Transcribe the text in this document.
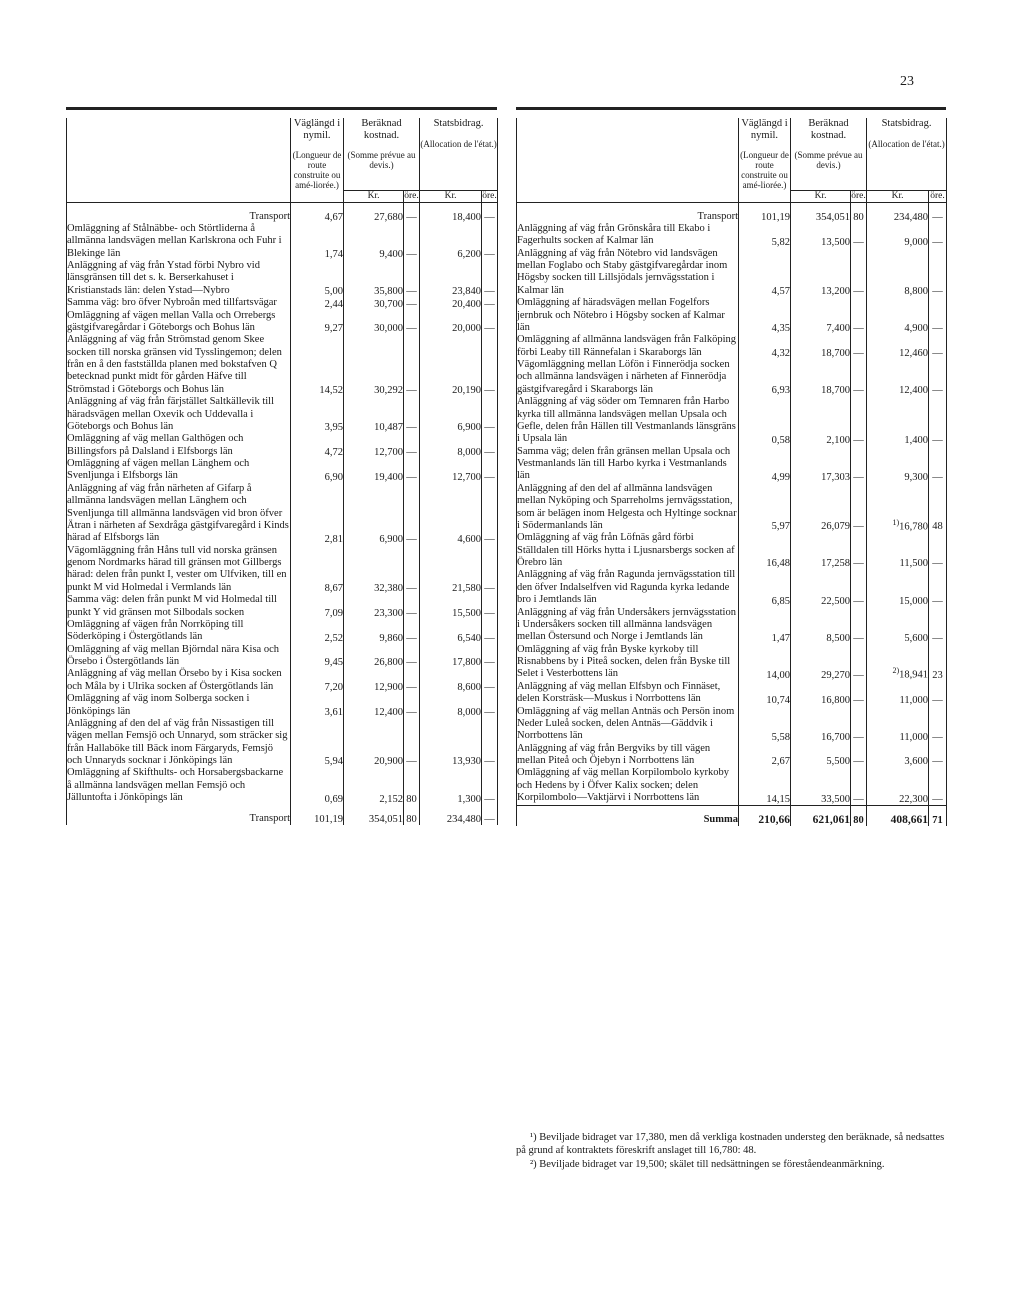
23
	Väglängd i nymil.
(Longueur de route construite ou amé-liorée.)	Beräknad kostnad.
(Somme prévue au devis.)		Statsbidrag.
(Allocation de l'état.)	

		Kr.	öre.	Kr.	öre.
Transport	4,67	27,680	—	18,400	—
Omläggning af Stålnäbbe- och Störtliderna å allmänna landsvägen mellan Karlskrona och Fuhr i Blekinge län	1,74	9,400	—	6,200	—
Anläggning af väg från Ystad förbi Nybro vid länsgränsen till det s. k. Berserkahuset i Kristianstads län: delen Ystad—Nybro	5,00	35,800	—	23,840	—
Samma väg: bro öfver Nybroån med tillfartsvägar	2,44	30,700	—	20,400	—
Omläggning af vägen mellan Valla och Orrebergs gästgifvaregårdar i Göteborgs och Bohus län	9,27	30,000	—	20,000	—
Anläggning af väg från Strömstad genom Skee socken till norska gränsen vid Tysslingemon; delen från en å den fastställda planen med bokstafven Q betecknad punkt midt för gården Häfve till Strömstad i Göteborgs och Bohus län	14,52	30,292	—	20,190	—
Anläggning af väg från färjstället Saltkällevik till häradsvägen mellan Oxevik och Uddevalla i Göteborgs och Bohus län	3,95	10,487	—	6,900	—
Omläggning af väg mellan Galthögen och Billingsfors på Dalsland i Elfsborgs län	4,72	12,700	—	8,000	—
Omläggning af vägen mellan Länghem och Svenljunga i Elfsborgs län	6,90	19,400	—	12,700	—
Anläggning af väg från närheten af Gifarp å allmänna landsvägen mellan Länghem och Svenljunga till allmänna landsvägen vid bron öfver Ätran i närheten af Sexdråga gästgifvaregård i Kinds härad af Elfsborgs län	2,81	6,900	—	4,600	—
Vägomläggning från Håns tull vid norska gränsen genom Nordmarks härad till gränsen mot Gillbergs härad: delen från punkt I, vester om Ulfviken, till en punkt M vid Holmedal i Vermlands län	8,67	32,380	—	21,580	—
Samma väg: delen från punkt M vid Holmedal till punkt Y vid gränsen mot Silbodals socken	7,09	23,300	—	15,500	—
Omläggning af vägen från Norrköping till Söderköping i Östergötlands län	2,52	9,860	—	6,540	—
Omläggning af väg mellan Björndal nära Kisa och Örsebo i Östergötlands län	9,45	26,800	—	17,800	—
Anläggning af väg mellan Örsebo by i Kisa socken och Måla by i Ulrika socken af Östergötlands län	7,20	12,900	—	8,600	—
Omläggning af väg inom Solberga socken i Jönköpings län	3,61	12,400	—	8,000	—
Anläggning af den del af väg från Nissastigen till vägen mellan Femsjö och Unnaryd, som sträcker sig från Hallaböke till Bäck inom Färgaryds, Femsjö och Unnaryds socknar i Jönköpings län	5,94	20,900	—	13,930	—
Omläggning af Skifthults- och Horsabergsbackarne å allmänna landsvägen mellan Femsjö och Jälluntofta i Jönköpings län	0,69	2,152	80	1,300	—
Transport	101,19	354,051	80	234,480	—
	Väglängd i nymil.
(Longueur de route construite ou amé-liorée.)	Beräknad kostnad.
(Somme prévue au devis.)		Statsbidrag.
(Allocation de l'état.)	

		Kr.	öre.	Kr.	öre.
Transport	101,19	354,051	80	234,480	—
Anläggning af väg från Grönskåra till Ekabo i Fagerhults socken af Kalmar län	5,82	13,500	—	9,000	—
Anläggning af väg från Nötebro vid landsvägen mellan Foglabo och Staby gästgifvaregårdar inom Högsby socken till Lillsjödals jernvägsstation i Kalmar län	4,57	13,200	—	8,800	—
Omläggning af häradsvägen mellan Fogelfors jernbruk och Nötebro i Högsby socken af Kalmar län	4,35	7,400	—	4,900	—
Omläggning af allmänna landsvägen från Falköping förbi Leaby till Rännefalan i Skaraborgs län	4,32	18,700	—	12,460	—
Vägomläggning mellan Löfön i Finnerödja socken och allmänna landsvägen i närheten af Finnerödja gästgifvaregård i Skaraborgs län	6,93	18,700	—	12,400	—
Anläggning af väg söder om Temnaren från Harbo kyrka till allmänna landsvägen mellan Upsala och Gefle, delen från Hällen till Vestmanlands länsgräns i Upsala län	0,58	2,100	—	1,400	—
Samma väg; delen från gränsen mellan Upsala och Vestmanlands län till Harbo kyrka i Vestmanlands län	4,99	17,303	—	9,300	—
Anläggning af den del af allmänna landsvägen mellan Nyköping och Sparreholms jernvägsstation, som är belägen inom Helgesta och Hyltinge socknar i Södermanlands län	5,97	26,079	—	$^{1)}$16,780	48
Omläggning af väg från Löfnäs gård förbi Ställdalen till Hörks hytta i Ljusnarsbergs socken af Örebro län	16,48	17,258	—	11,500	—
Anläggning af väg från Ragunda jernvägsstation till den öfver Indalselfven vid Ragunda kyrka ledande bro i Jemtlands län	6,85	22,500	—	15,000	—
Anläggning af väg från Undersåkers jernvägsstation i Undersåkers socken till allmänna landsvägen mellan Östersund och Norge i Jemtlands län	1,47	8,500	—	5,600	—
Omläggning af väg från Byske kyrkoby till Risnabbens by i Piteå socken, delen från Byske till Selet i Vesterbottens län	14,00	29,270	—	$^{2)}$18,941	23
Anläggning af väg mellan Elfsbyn och Finnäset, delen Korsträsk—Muskus i Norrbottens län	10,74	16,800	—	11,000	—
Omläggning af väg mellan Antnäs och Persön inom Neder Luleå socken, delen Antnäs—Gäddvik i Norrbottens län	5,58	16,700	—	11,000	—
Anläggning af väg från Bergviks by till vägen mellan Piteå och Öjebyn i Norrbottens län	2,67	5,500	—	3,600	—
Omläggning af väg mellan Korpilombolo kyrkoby och Hedens by i Öfver Kalix socken; delen Korpilombolo—Vaktjärvi i Norrbottens län	14,15	33,500	—	22,300	—
Summa	210,66	621,061	80	408,661	71

¹) Beviljade bidraget var 17,380, men då verkliga kostnaden understeg den beräknade, så nedsattes på grund af kontraktets föreskrift anslaget till 16,780: 48.

²) Beviljade bidraget var 19,500; skälet till nedsättningen se föreståendeanmärkning.
